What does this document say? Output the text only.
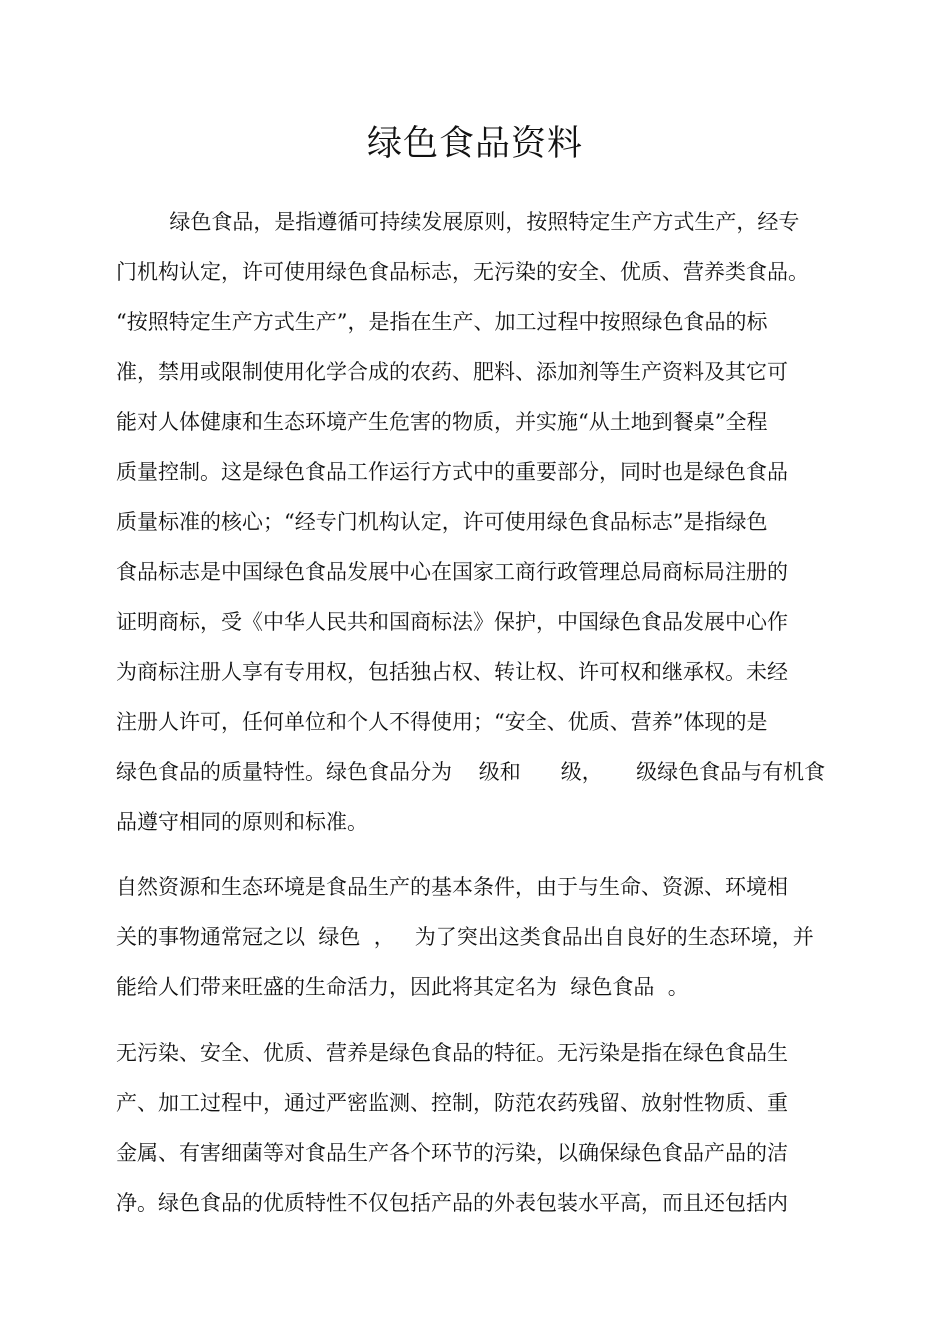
绿色食品资料
绿色食品，是指遵循可持续发展原则，按照特定生产方式生产，经专
门机构认定，许可使用绿色食品标志，无污染的安全、优质、营养类食品。
“按照特定生产方式生产”，是指在生产、加工过程中按照绿色食品的标
准，禁用或限制使用化学合成的农药、肥料、添加剂等生产资料及其它可
能对人体健康和生态环境产生危害的物质，并实施“从土地到餐桌”全程
质量控制。这是绿色食品工作运行方式中的重要部分，同时也是绿色食品
质量标准的核心；“经专门机构认定，许可使用绿色食品标志”是指绿色
食品标志是中国绿色食品发展中心在国家工商行政管理总局商标局注册的
证明商标，受《中华人民共和国商标法》保护，中国绿色食品发展中心作
为商标注册人享有专用权，包括独占权、转让权、许可权和继承权。未经
注册人许可，任何单位和个人不得使用；“安全、优质、营养”体现的是
绿色食品的质量特性。绿色食品分为    级和      级，     级绿色食品与有机食
品遵守相同的原则和标准。
自然资源和生态环境是食品生产的基本条件，由于与生命、资源、环境相
关的事物通常冠之以  绿色  ，   为了突出这类食品出自良好的生态环境，并
能给人们带来旺盛的生命活力，因此将其定名为  绿色食品  。
无污染、安全、优质、营养是绿色食品的特征。无污染是指在绿色食品生
产、加工过程中，通过严密监测、控制，防范农药残留、放射性物质、重
金属、有害细菌等对食品生产各个环节的污染，以确保绿色食品产品的洁
净。绿色食品的优质特性不仅包括产品的外表包装水平高，而且还包括内
